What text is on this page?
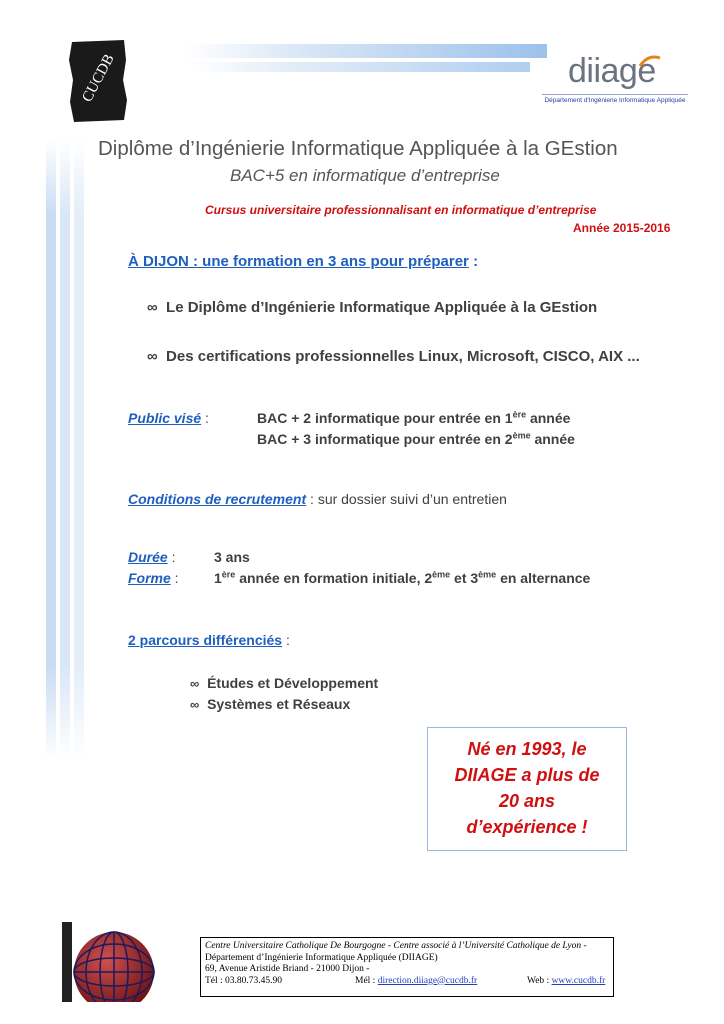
CUCDB	diiage
Département d'Ingénierie Informatique Appliquée
Diplôme d’Ingénierie Informatique Appliquée à la GEstion
BAC+5 en informatique d’entreprise
Cursus universitaire professionnalisant en informatique d’entreprise
Année 2015-2016
À DIJON : une formation en 3 ans pour préparer :
∞ Le Diplôme d’Ingénierie Informatique Appliquée à la GEstion
∞ Des certifications professionnelles Linux, Microsoft, CISCO, AIX ...
Public visé :	BAC + 2 informatique pour entrée en 1ère année
BAC + 3 informatique pour entrée en 2ème année
Conditions de recrutement : sur dossier suivi d’un entretien
Durée :	3 ans
Forme :	1ère année en formation initiale, 2ème et 3ème en alternance
2 parcours différenciés :
∞ Études et Développement
∞ Systèmes et Réseaux
Né en 1993, le
DIIAGE a plus de
20 ans
d’expérience !
Centre Universitaire Catholique De Bourgogne - Centre associé à l’Université Catholique de Lyon -
Département d’Ingénierie Informatique Appliquée (DIIAGE)
69, Avenue Aristide Briand - 21000 Dijon -
Tél : 03.80.73.45.90	Mél : direction.diiage@cucdb.fr	Web : www.cucdb.fr
